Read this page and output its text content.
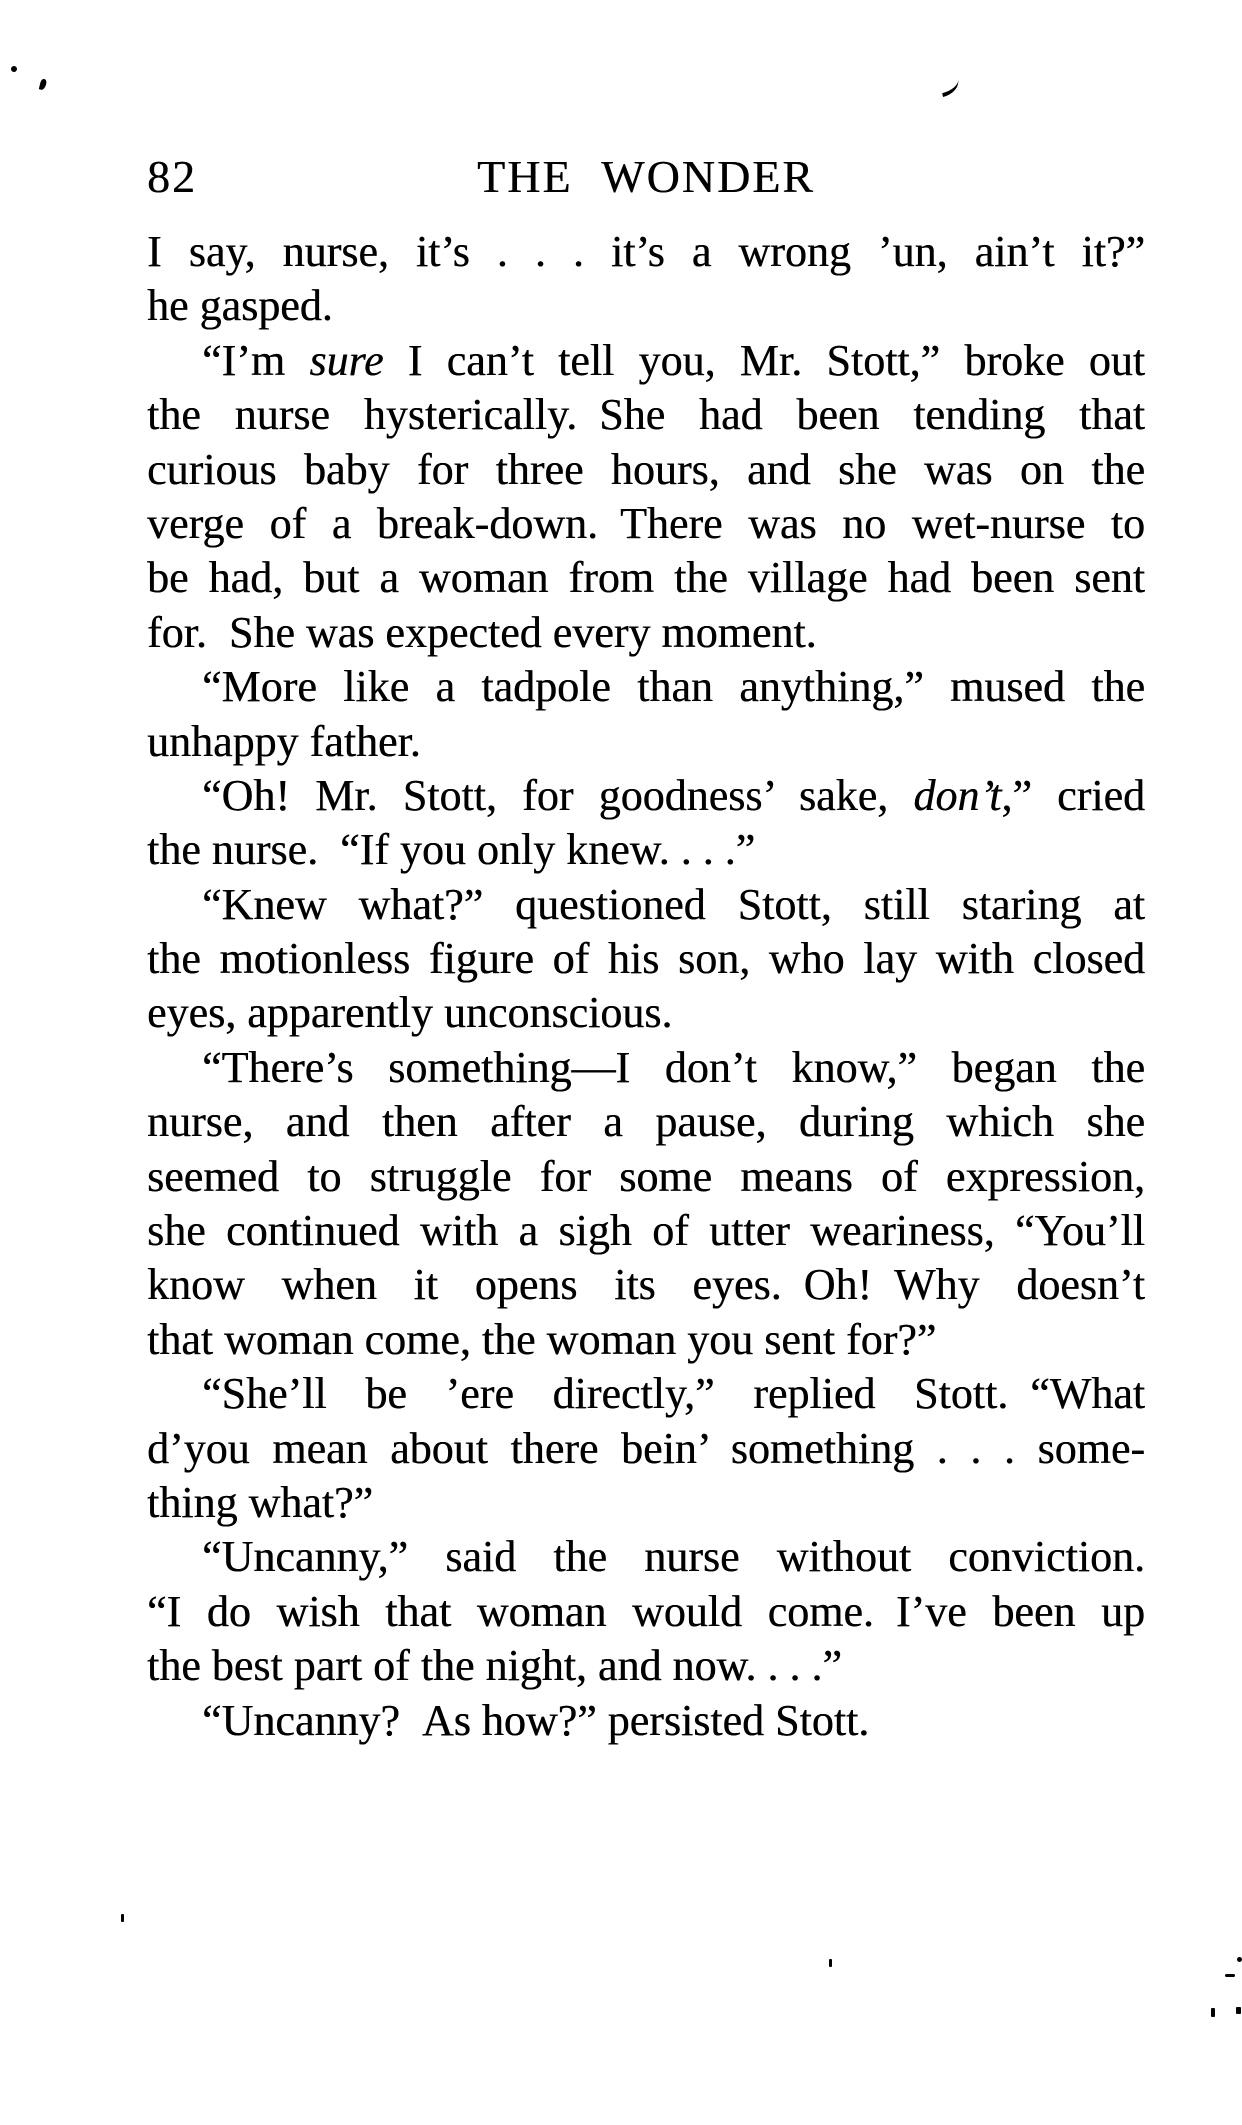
82	THE WONDER
I say, nurse, it’s . . . it’s a wrong ’un, ain’t it?”
he gasped.
“I’m sure I can’t tell you, Mr. Stott,” broke out
the nurse hysterically. She had been tending that
curious baby for three hours, and she was on the
verge of a break-down. There was no wet-nurse to
be had, but a woman from the village had been sent
for. She was expected every moment.
“More like a tadpole than anything,” mused the
unhappy father.
“Oh! Mr. Stott, for goodness’ sake, don’t,” cried
the nurse. “If you only knew. . . .”
“Knew what?” questioned Stott, still staring at
the motionless figure of his son, who lay with closed
eyes, apparently unconscious.
“There’s something—I don’t know,” began the
nurse, and then after a pause, during which she
seemed to struggle for some means of expression,
she continued with a sigh of utter weariness, “You’ll
know when it opens its eyes. Oh! Why doesn’t
that woman come, the woman you sent for?”
“She’ll be ’ere directly,” replied Stott. “What
d’you mean about there bein’ something . . . some-
thing what?”
“Uncanny,” said the nurse without conviction.
“I do wish that woman would come. I’ve been up
the best part of the night, and now. . . .”
“Uncanny? As how?” persisted Stott.
